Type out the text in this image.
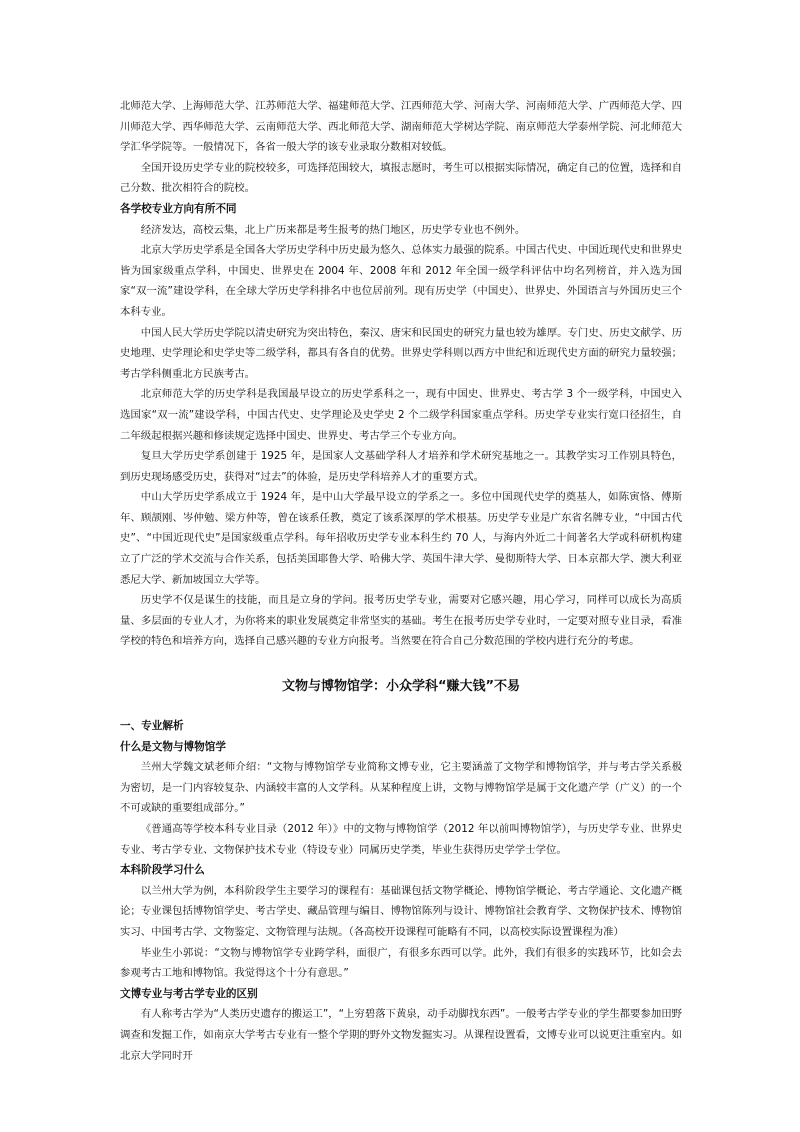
北师范大学、上海师范大学、江苏师范大学、福建师范大学、江西师范大学、河南大学、河南师范大学、广西师范大学、四川师范大学、西华师范大学、云南师范大学、西北师范大学、湖南师范大学树达学院、南京师范大学泰州学院、河北师范大学汇华学院等。一般情况下，各省一般大学的该专业录取分数相对较低。

全国开设历史学专业的院校较多，可选择范围较大，填报志愿时，考生可以根据实际情况，确定自己的位置，选择和自己分数、批次相符合的院校。

各学校专业方向有所不同

经济发达，高校云集，北上广历来都是考生报考的热门地区，历史学专业也不例外。

北京大学历史学系是全国各大学历史学科中历史最为悠久、总体实力最强的院系。中国古代史、中国近现代史和世界史皆为国家级重点学科，中国史、世界史在 2004 年、2008 年和 2012 年全国一级学科评估中均名列榜首，并入选为国家“双一流”建设学科，在全球大学历史学科排名中也位居前列。现有历史学（中国史）、世界史、外国语言与外国历史三个本科专业。

中国人民大学历史学院以清史研究为突出特色，秦汉、唐宋和民国史的研究力量也较为雄厚。专门史、历史文献学、历史地理、史学理论和史学史等二级学科，都具有各自的优势。世界史学科则以西方中世纪和近现代史方面的研究力量较强；考古学科侧重北方民族考古。

北京师范大学的历史学科是我国最早设立的历史学系科之一，现有中国史、世界史、考古学 3 个一级学科，中国史入选国家“双一流”建设学科，中国古代史、史学理论及史学史 2 个二级学科国家重点学科。历史学专业实行宽口径招生，自二年级起根据兴趣和修读规定选择中国史、世界史、考古学三个专业方向。

复旦大学历史学系创建于 1925 年，是国家人文基础学科人才培养和学术研究基地之一。其教学实习工作别具特色，到历史现场感受历史，获得对“过去”的体验，是历史学科培养人才的重要方式。

中山大学历史学系成立于 1924 年，是中山大学最早设立的学系之一。多位中国现代史学的奠基人，如陈寅恪、傅斯年、顾颉刚、岑仲勉、梁方仲等，曾在该系任教，奠定了该系深厚的学术根基。历史学专业是广东省名牌专业，“中国古代史”、“中国近现代史”是国家级重点学科。每年招收历史学专业本科生约 70 人，与海内外近二十间著名大学或科研机构建立了广泛的学术交流与合作关系，包括美国耶鲁大学、哈佛大学、英国牛津大学、曼彻斯特大学、日本京都大学、澳大利亚悉尼大学、新加坡国立大学等。

历史学不仅是谋生的技能，而且是立身的学问。报考历史学专业，需要对它感兴趣，用心学习，同样可以成长为高质量、多层面的专业人才，为你将来的职业发展奠定非常坚实的基础。考生在报考历史学专业时，一定要对照专业目录，看准学校的特色和培养方向，选择自己感兴趣的专业方向报考。当然要在符合自己分数范围的学校内进行充分的考虑。

文物与博物馆学：小众学科“赚大钱”不易
一、专业解析
什么是文物与博物馆学

兰州大学魏文斌老师介绍：“文物与博物馆学专业简称文博专业，它主要涵盖了文物学和博物馆学，并与考古学关系极为密切，是一门内容较复杂、内涵较丰富的人文学科。从某种程度上讲，文物与博物馆学是属于文化遗产学（广义）的一个不可或缺的重要组成部分。”

《普通高等学校本科专业目录（2012 年）》中的文物与博物馆学（2012 年以前叫博物馆学），与历史学专业、世界史专业、考古学专业、文物保护技术专业（特设专业）同属历史学类，毕业生获得历史学学士学位。

本科阶段学习什么

以兰州大学为例，本科阶段学生主要学习的课程有：基础课包括文物学概论、博物馆学概论、考古学通论、文化遗产概论；专业课包括博物馆学史、考古学史、藏品管理与编目、博物馆陈列与设计、博物馆社会教育学、文物保护技术、博物馆实习、中国考古学、文物鉴定、文物管理与法规。（各高校开设课程可能略有不同，以高校实际设置课程为准）

毕业生小郭说：“文物与博物馆学专业跨学科，面很广，有很多东西可以学。此外，我们有很多的实践环节，比如会去参观考古工地和博物馆。我觉得这个十分有意思。”

文博专业与考古学专业的区别

有人称考古学为“人类历史遗存的搬运工”，“上穷碧落下黄泉，动手动脚找东西”。一般考古学专业的学生都要参加田野调查和发掘工作，如南京大学考古专业有一整个学期的野外文物发掘实习。从课程设置看，文博专业可以说更注重室内。如北京大学同时开
